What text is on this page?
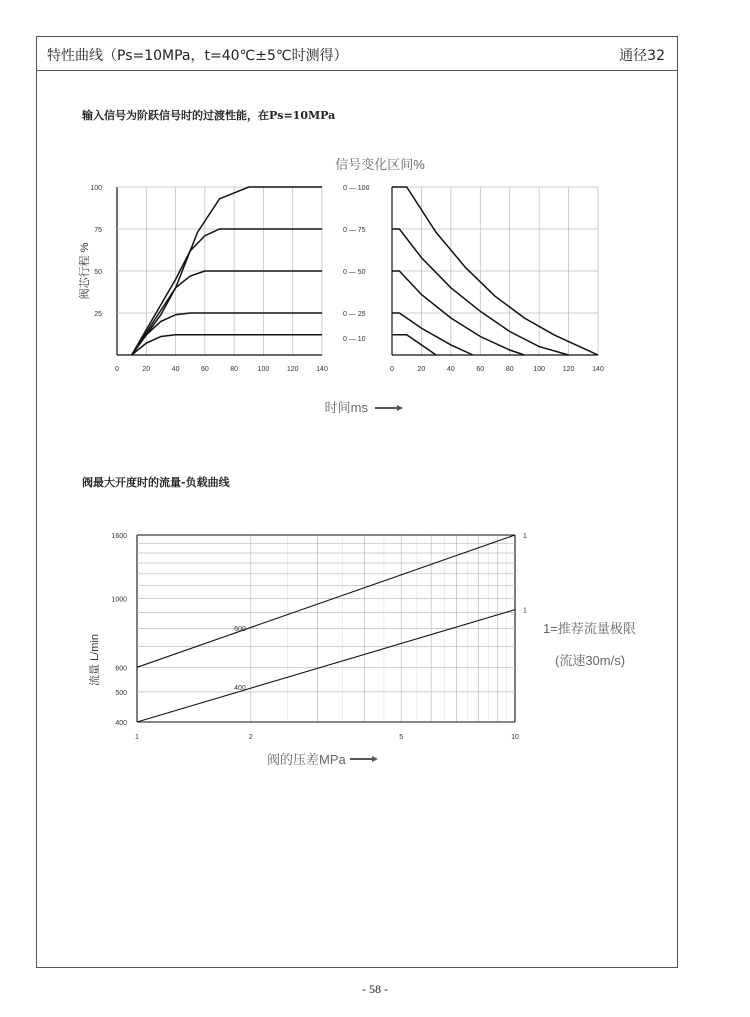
特性曲线（Ps=10MPa，t=40℃±5℃时测得）	通径32
输入信号为阶跃信号时的过渡性能，在Ps=10MPa
阀最大开度时的流量-负载曲线
0	20	40	60	80	100	120	140
25
50
75
100
阀芯行程 %
时间ms
0	20	40	60	80	100	120	140
信号变化区间%
0 — 100
0 — 75
0 — 50
0 — 25
0 — 10
1	2	5	10
400
500
600
1000
1600
600
1
400
1
流量 L/min
阀的压差MPa
1=推荐流量极限
(流速30m/s)
- 58 -
